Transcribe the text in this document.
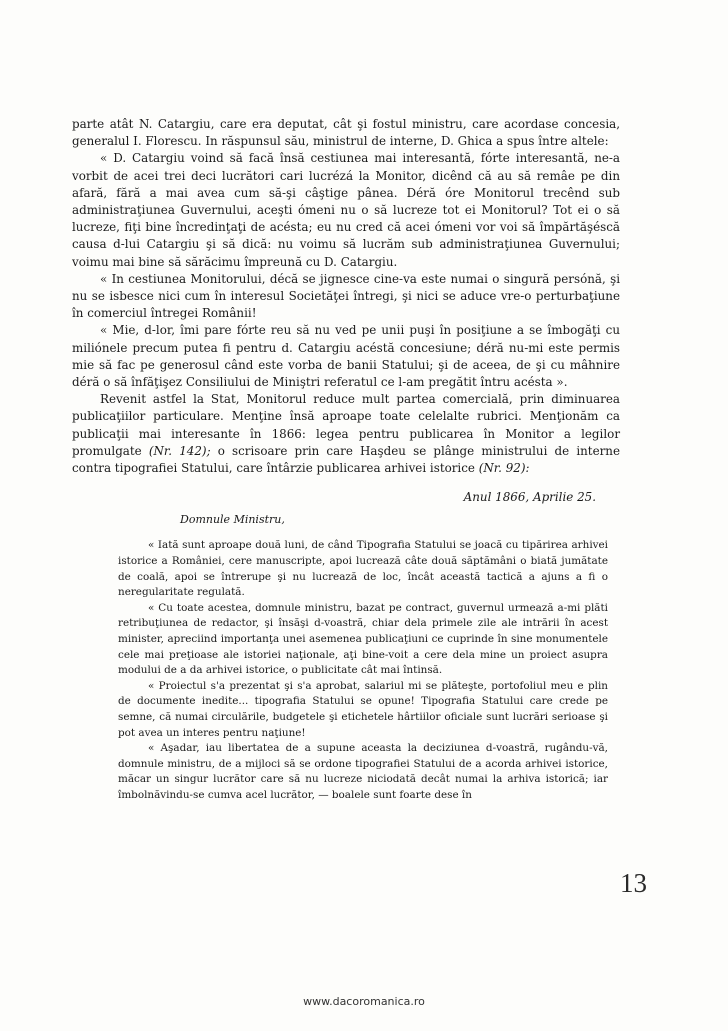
parte atât N. Catargiu, care era deputat, cât şi fostul ministru, care acordase concesia, generalul I. Florescu. In răspunsul său, ministrul de interne, D. Ghica a spus între altele:

« D. Catargiu voind să facă însă cestiunea mai interesantă, fórte interesantă, ne-a vorbit de acei trei deci lucrători cari lucrézá la Monitor, dicênd că au să remâe pe din afară, fără a mai avea cum să-şi câştige pânea. Déră óre Monitorul trecênd sub administraţiunea Guvernului, aceşti ómeni nu o să lucreze tot ei Monitorul? Tot ei o să lucreze, fiţi bine încredinţaţi de acésta; eu nu cred că acei ómeni vor voi să împărtăşéscă causa d-lui Catargiu şi să dică: nu voimu să lucrăm sub administraţiunea Guvernului; voimu mai bine să sărăcimu împreună cu D. Catargiu.

« In cestiunea Monitorului, décă se jignesce cine-va este numai o singură persónă, şi nu se isbesce nici cum în interesul Societăţei întregi, şi nici se aduce vre-o perturbaţiune în comerciul întregei Românii!

« Mie, d-lor, îmi pare fórte reu să nu ved pe unii puşi în posiţiune a se îmbogăţi cu miliónele precum putea fi pentru d. Catargiu acéstă concesiune; déră nu-mi este permis mie să fac pe generosul când este vorba de banii Statului; şi de aceea, de şi cu mâhnire déră o să înfăţişez Consiliului de Miniştri referatul ce l-am pregătit întru acésta ».

Revenit astfel la Stat, Monitorul reduce mult partea comercială, prin diminuarea publicaţiilor particulare. Menţine însă aproape toate celelalte rubrici. Menţionăm ca publicaţii mai interesante în 1866: legea pentru publicarea în Monitor a legilor promulgate (Nr. 142); o scrisoare prin care Haşdeu se plânge ministrului de interne contra tipografiei Statului, care întârzie publicarea arhivei istorice (Nr. 92):

Anul 1866, Aprilie 25.

Domnule Ministru,

« Iată sunt aproape două luni, de când Tipografia Statului se joacă cu tipărirea arhivei istorice a României, cere manuscripte, apoi lucrează câte două săptămâni o biată jumătate de coală, apoi se întrerupe şi nu lucrează de loc, încât această tactică a ajuns a fi o neregularitate regulată.

« Cu toate acestea, domnule ministru, bazat pe contract, guvernul urmează a-mi plăti retribuţiunea de redactor, şi însăşi d-voastră, chiar dela primele zile ale intrării în acest minister, apreciind importanţa unei asemenea publicaţiuni ce cuprinde în sine monumentele cele mai preţioase ale istoriei naţionale, aţi bine-voit a cere dela mine un proiect asupra modului de a da arhivei istorice, o publicitate cât mai întinsă.

« Proiectul s'a prezentat şi s'a aprobat, salariul mi se plăteşte, portofoliul meu e plin de documente inedite... tipografia Statului se opune! Tipografia Statului care crede pe semne, că numai circulările, budgetele şi etichetele hârtiilor oficiale sunt lucrări serioase şi pot avea un interes pentru naţiune!

« Aşadar, iau libertatea de a supune aceasta la deciziunea d-voastră, rugându-vă, domnule ministru, de a mijloci să se ordone tipografiei Statului de a acorda arhivei istorice, măcar un singur lucrător care să nu lucreze niciodată decât numai la arhiva istorică; iar îmbolnăvindu-se cumva acel lucrător, — boalele sunt foarte dese în

13
www.dacoromanica.ro
